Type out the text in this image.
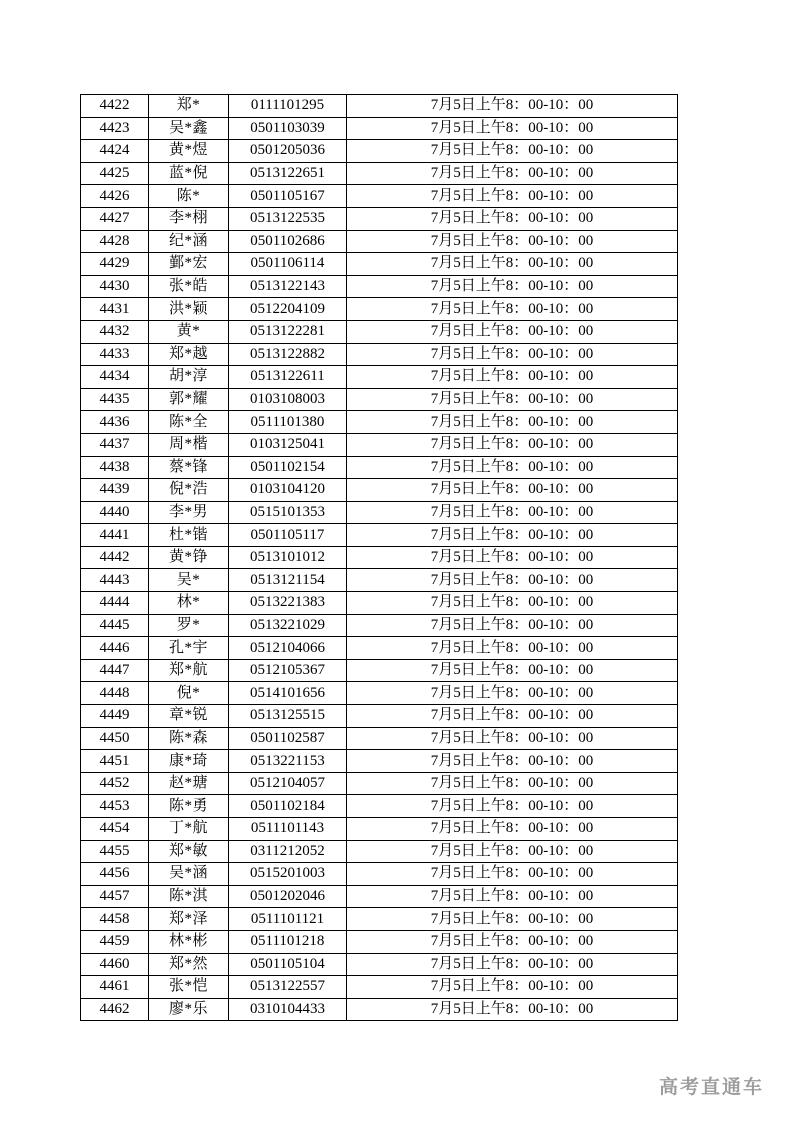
4422	郑*	0111101295	7月5日上午8：00-10：00
4423	吴*鑫	0501103039	7月5日上午8：00-10：00
4424	黄*煜	0501205036	7月5日上午8：00-10：00
4425	蓝*倪	0513122651	7月5日上午8：00-10：00
4426	陈*	0501105167	7月5日上午8：00-10：00
4427	李*栩	0513122535	7月5日上午8：00-10：00
4428	纪*涵	0501102686	7月5日上午8：00-10：00
4429	鄞*宏	0501106114	7月5日上午8：00-10：00
4430	张*皓	0513122143	7月5日上午8：00-10：00
4431	洪*颖	0512204109	7月5日上午8：00-10：00
4432	黄*	0513122281	7月5日上午8：00-10：00
4433	郑*越	0513122882	7月5日上午8：00-10：00
4434	胡*淳	0513122611	7月5日上午8：00-10：00
4435	郭*耀	0103108003	7月5日上午8：00-10：00
4436	陈*全	0511101380	7月5日上午8：00-10：00
4437	周*楷	0103125041	7月5日上午8：00-10：00
4438	蔡*锋	0501102154	7月5日上午8：00-10：00
4439	倪*浩	0103104120	7月5日上午8：00-10：00
4440	李*男	0515101353	7月5日上午8：00-10：00
4441	杜*锴	0501105117	7月5日上午8：00-10：00
4442	黄*铮	0513101012	7月5日上午8：00-10：00
4443	吴*	0513121154	7月5日上午8：00-10：00
4444	林*	0513221383	7月5日上午8：00-10：00
4445	罗*	0513221029	7月5日上午8：00-10：00
4446	孔*宇	0512104066	7月5日上午8：00-10：00
4447	郑*航	0512105367	7月5日上午8：00-10：00
4448	倪*	0514101656	7月5日上午8：00-10：00
4449	章*锐	0513125515	7月5日上午8：00-10：00
4450	陈*森	0501102587	7月5日上午8：00-10：00
4451	康*琦	0513221153	7月5日上午8：00-10：00
4452	赵*瑭	0512104057	7月5日上午8：00-10：00
4453	陈*勇	0501102184	7月5日上午8：00-10：00
4454	丁*航	0511101143	7月5日上午8：00-10：00
4455	郑*敏	0311212052	7月5日上午8：00-10：00
4456	吴*涵	0515201003	7月5日上午8：00-10：00
4457	陈*淇	0501202046	7月5日上午8：00-10：00
4458	郑*泽	0511101121	7月5日上午8：00-10：00
4459	林*彬	0511101218	7月5日上午8：00-10：00
4460	郑*然	0501105104	7月5日上午8：00-10：00
4461	张*恺	0513122557	7月5日上午8：00-10：00
4462	廖*乐	0310104433	7月5日上午8：00-10：00
高考直通车
